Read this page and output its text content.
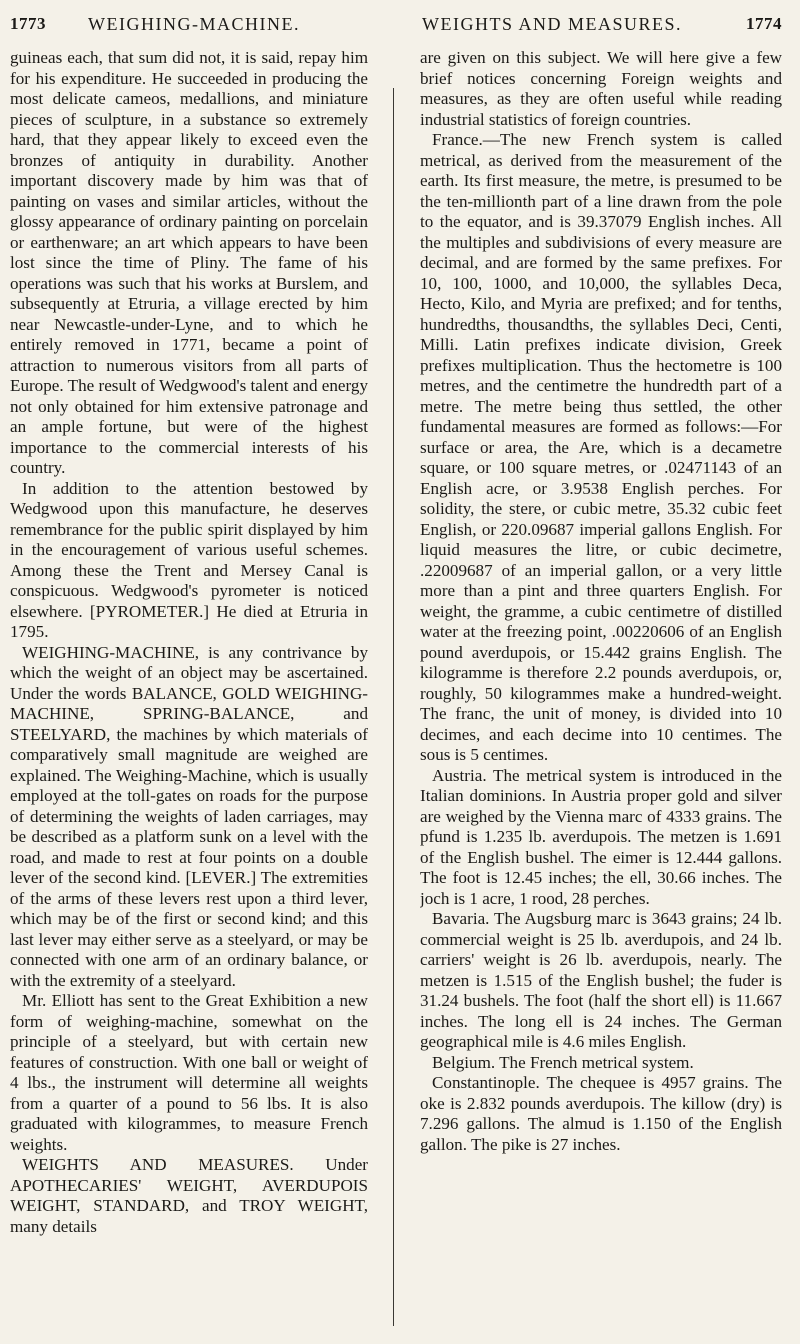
1773 WEIGHING-MACHINE.	WEIGHTS AND MEASURES.	1774

guineas each, that sum did not, it is said, repay him for his expenditure. He succeeded in producing the most delicate cameos, medallions, and miniature pieces of sculpture, in a substance so extremely hard, that they appear likely to exceed even the bronzes of antiquity in durability. Another important discovery made by him was that of painting on vases and similar articles, without the glossy appearance of ordinary painting on porcelain or earthenware; an art which appears to have been lost since the time of Pliny. The fame of his operations was such that his works at Burslem, and subsequently at Etruria, a village erected by him near Newcastle-under-Lyne, and to which he entirely removed in 1771, became a point of attraction to numerous visitors from all parts of Europe. The result of Wedgwood's talent and energy not only obtained for him extensive patronage and an ample fortune, but were of the highest importance to the commercial interests of his country.

In addition to the attention bestowed by Wedgwood upon this manufacture, he deserves remembrance for the public spirit displayed by him in the encouragement of various useful schemes. Among these the Trent and Mersey Canal is conspicuous. Wedgwood's pyrometer is noticed elsewhere. [PYROMETER.] He died at Etruria in 1795.

WEIGHING-MACHINE, is any contrivance by which the weight of an object may be ascertained. Under the words BALANCE, GOLD WEIGHING-MACHINE, SPRING-BALANCE, and STEELYARD, the machines by which materials of comparatively small magnitude are weighed are explained. The Weighing-Machine, which is usually employed at the toll-gates on roads for the purpose of determining the weights of laden carriages, may be described as a platform sunk on a level with the road, and made to rest at four points on a double lever of the second kind. [LEVER.] The extremities of the arms of these levers rest upon a third lever, which may be of the first or second kind; and this last lever may either serve as a steelyard, or may be connected with one arm of an ordinary balance, or with the extremity of a steelyard.

Mr. Elliott has sent to the Great Exhibition a new form of weighing-machine, somewhat on the principle of a steelyard, but with certain new features of construction. With one ball or weight of 4 lbs., the instrument will determine all weights from a quarter of a pound to 56 lbs. It is also graduated with kilogrammes, to measure French weights.

WEIGHTS AND MEASURES. Under APOTHECARIES' WEIGHT, AVERDUPOIS WEIGHT, STANDARD, and TROY WEIGHT, many details

are given on this subject. We will here give a few brief notices concerning Foreign weights and measures, as they are often useful while reading industrial statistics of foreign countries.

France.—The new French system is called metrical, as derived from the measurement of the earth. Its first measure, the metre, is presumed to be the ten-millionth part of a line drawn from the pole to the equator, and is 39.37079 English inches. All the multiples and subdivisions of every measure are decimal, and are formed by the same prefixes. For 10, 100, 1000, and 10,000, the syllables Deca, Hecto, Kilo, and Myria are prefixed; and for tenths, hundredths, thousandths, the syllables Deci, Centi, Milli. Latin prefixes indicate division, Greek prefixes multiplication. Thus the hectometre is 100 metres, and the centimetre the hundredth part of a metre. The metre being thus settled, the other fundamental measures are formed as follows:—For surface or area, the Are, which is a decametre square, or 100 square metres, or .02471143 of an English acre, or 3.9538 English perches. For solidity, the stere, or cubic metre, 35.32 cubic feet English, or 220.09687 imperial gallons English. For liquid measures the litre, or cubic decimetre, .22009687 of an imperial gallon, or a very little more than a pint and three quarters English. For weight, the gramme, a cubic centimetre of distilled water at the freezing point, .00220606 of an English pound averdupois, or 15.442 grains English. The kilogramme is therefore 2.2 pounds averdupois, or, roughly, 50 kilogrammes make a hundred-weight. The franc, the unit of money, is divided into 10 decimes, and each decime into 10 centimes. The sous is 5 centimes.

Austria. The metrical system is introduced in the Italian dominions. In Austria proper gold and silver are weighed by the Vienna marc of 4333 grains. The pfund is 1.235 lb. averdupois. The metzen is 1.691 of the English bushel. The eimer is 12.444 gallons. The foot is 12.45 inches; the ell, 30.66 inches. The joch is 1 acre, 1 rood, 28 perches.

Bavaria. The Augsburg marc is 3643 grains; 24 lb. commercial weight is 25 lb. averdupois, and 24 lb. carriers' weight is 26 lb. averdupois, nearly. The metzen is 1.515 of the English bushel; the fuder is 31.24 bushels. The foot (half the short ell) is 11.667 inches. The long ell is 24 inches. The German geographical mile is 4.6 miles English.

Belgium. The French metrical system.

Constantinople. The chequee is 4957 grains. The oke is 2.832 pounds averdupois. The killow (dry) is 7.296 gallons. The almud is 1.150 of the English gallon. The pike is 27 inches.
